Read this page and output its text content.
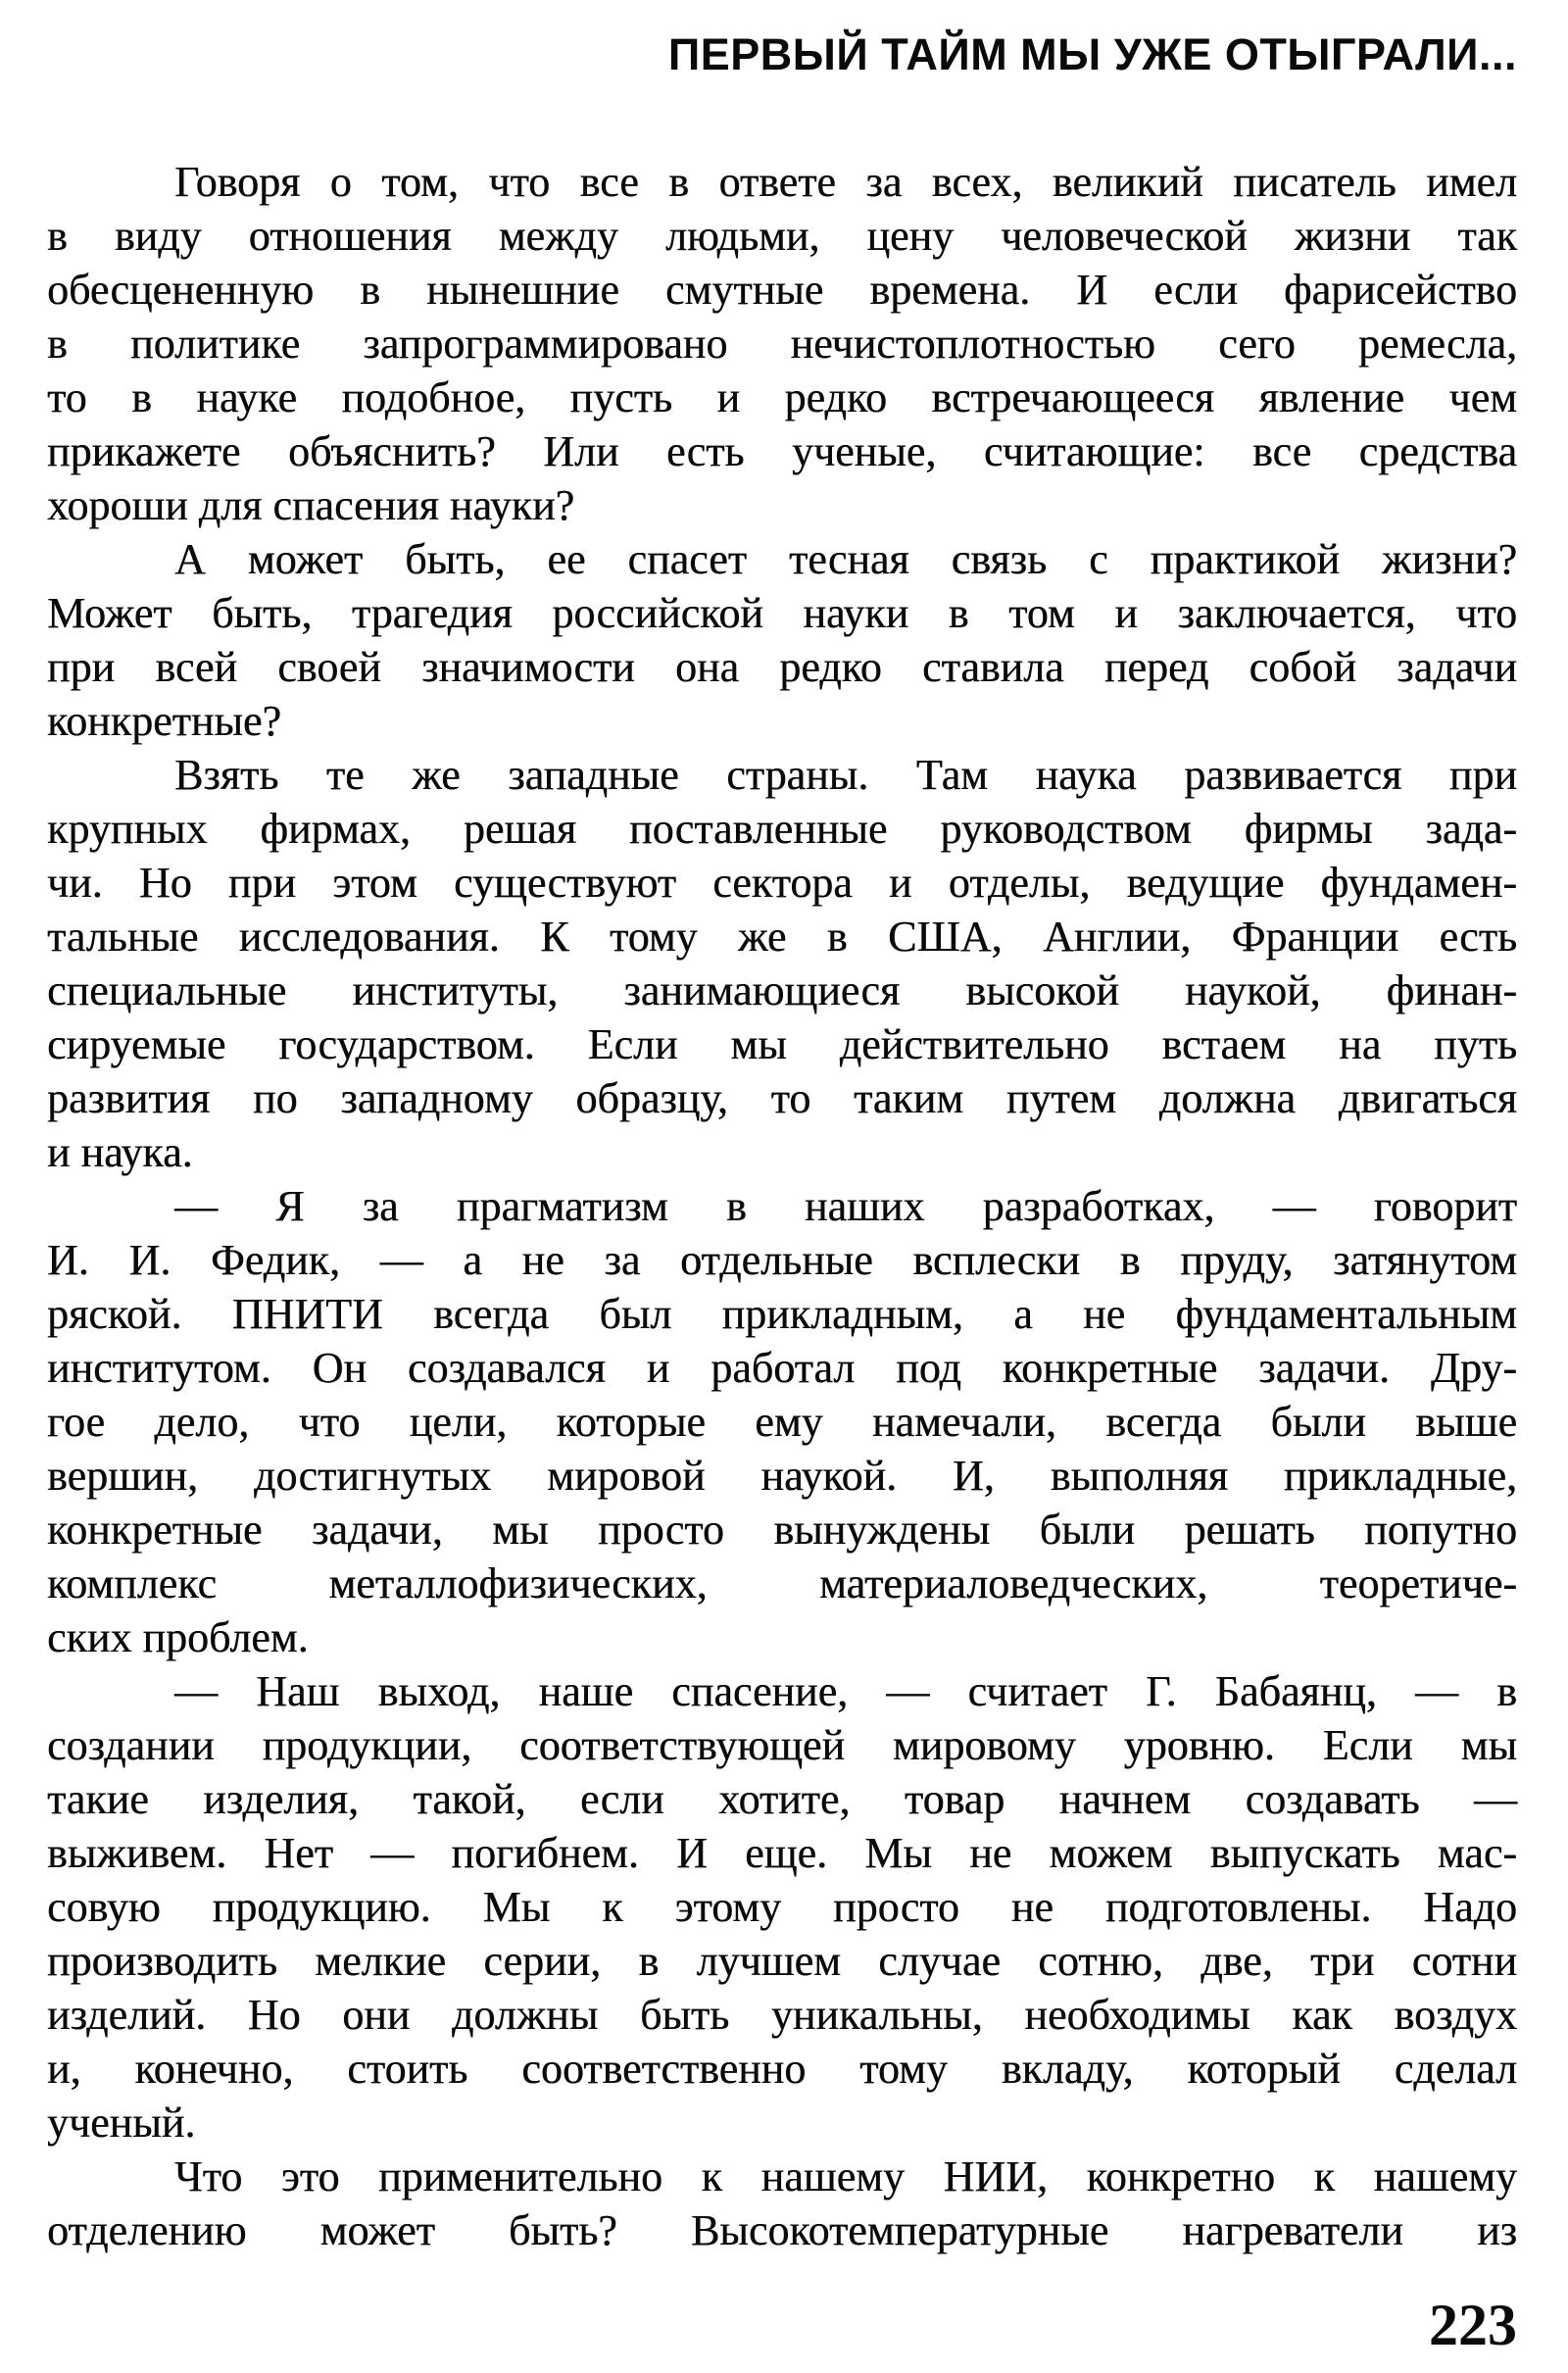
ПЕРВЫЙ ТАЙМ МЫ УЖЕ ОТЫГРАЛИ...
Говоря о том, что все в ответе за всех, великий писатель имел
в виду отношения между людьми, цену человеческой жизни так
обесцененную в нынешние смутные времена. И если фарисейство
в политике запрограммировано нечистоплотностью сего ремесла,
то в науке подобное, пусть и редко встречающееся явление чем
прикажете объяснить? Или есть ученые, считающие: все средства
хороши для спасения науки?
А может быть, ее спасет тесная связь с практикой жизни?
Может быть, трагедия российской науки в том и заключается, что
при всей своей значимости она редко ставила перед собой задачи
конкретные?
Взять те же западные страны. Там наука развивается при
крупных фирмах, решая поставленные руководством фирмы зада-
чи. Но при этом существуют сектора и отделы, ведущие фундамен-
тальные исследования. К тому же в США, Англии, Франции есть
специальные институты, занимающиеся высокой наукой, финан-
сируемые государством. Если мы действительно встаем на путь
развития по западному образцу, то таким путем должна двигаться
и наука.
— Я за прагматизм в наших разработках, — говорит
И. И. Федик, — а не за отдельные всплески в пруду, затянутом
ряской. ПНИТИ всегда был прикладным, а не фундаментальным
институтом. Он создавался и работал под конкретные задачи. Дру-
гое дело, что цели, которые ему намечали, всегда были выше
вершин, достигнутых мировой наукой. И, выполняя прикладные,
конкретные задачи, мы просто вынуждены были решать попутно
комплекс металлофизических, материаловедческих, теоретиче-
ских проблем.
— Наш выход, наше спасение, — считает Г. Бабаянц, — в
создании продукции, соответствующей мировому уровню. Если мы
такие изделия, такой, если хотите, товар начнем создавать —
выживем. Нет — погибнем. И еще. Мы не можем выпускать мас-
совую продукцию. Мы к этому просто не подготовлены. Надо
производить мелкие серии, в лучшем случае сотню, две, три сотни
изделий. Но они должны быть уникальны, необходимы как воздух
и, конечно, стоить соответственно тому вкладу, который сделал
ученый.
Что это применительно к нашему НИИ, конкретно к нашему
отделению может быть? Высокотемпературные нагреватели из
223
